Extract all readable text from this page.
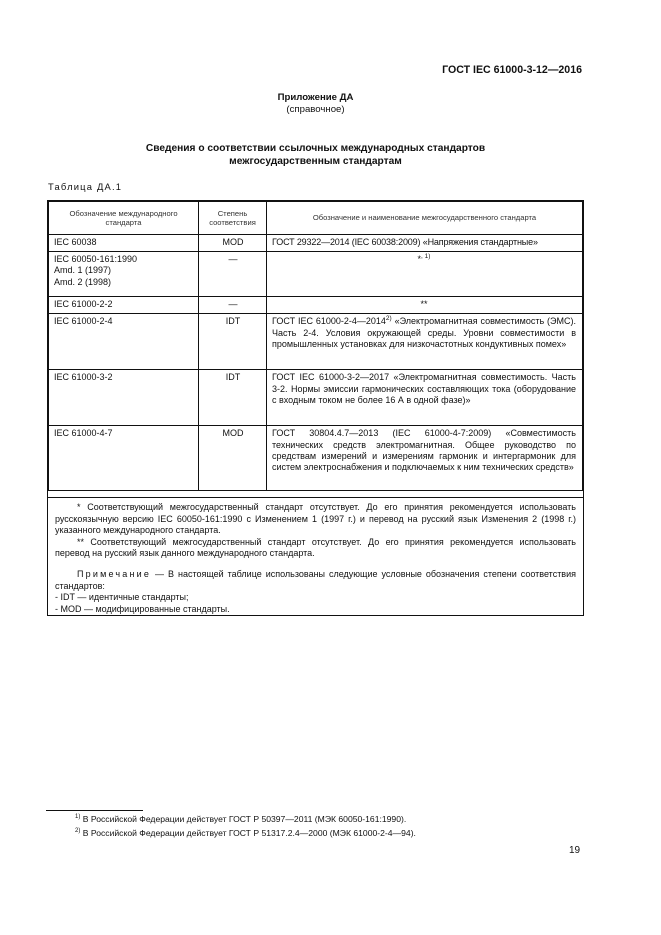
ГОСТ IEC 61000-3-12—2016
Приложение ДА
(справочное)
Сведения о соответствии ссылочных международных стандартов
межгосударственным стандартам
Таблица ДА.1
Обозначение международного стандарта	Степень соответствия	Обозначение и наименование межгосударственного стандарта
IEC 60038	MOD	ГОСТ 29322—2014 (IEC 60038:2009) «Напряжения стандартные»

IEC 60050-161:1990
Amd. 1 (1997)
Amd. 2 (1998)	—	*$^{, 1)}$
IEC 61000-2-2	—	**
IEC 61000-2-4	IDT	ГОСТ IEC 61000-2-4—2014$^{2)}$ «Электромагнитная совместимость (ЭМС). Часть 2-4. Условия окружающей среды. Уровни совместимости в промышленных установках для низкочастотных кондуктивных помех»
IEC 61000-3-2	IDT	ГОСТ IEC 61000-3-2—2017 «Электромагнитная совместимость. Часть 3-2. Нормы эмиссии гармонических составляющих тока (оборудование с входным током не более 16 А в одной фазе)»
IEC 61000-4-7	MOD	ГОСТ 30804.4.7—2013 (IEC 61000-4-7:2009) «Совместимость технических средств электромагнитная. Общее руководство по средствам измерений и измерениям гармоник и интергармоник для систем электроснабжения и подключаемых к ним технических средств»

* Соответствующий межгосударственный стандарт отсутствует. До его принятия рекомендуется использовать русскоязычную версию IEC 60050-161:1990 с Изменением 1 (1997 г.) и перевод на русский язык Изменения 2 (1998 г.) указанного международного стандарта.

** Соответствующий межгосударственный стандарт отсутствует. До его принятия рекомендуется использовать перевод на русский язык данного международного стандарта.

Примечание — В настоящей таблице использованы следующие условные обозначения степени соответствия стандартов:

- IDT — идентичные стандарты;

- MOD — модифицированные стандарты.

$^{1)}$ В Российской Федерации действует ГОСТ Р 50397—2011 (МЭК 60050-161:1990).
$^{2)}$ В Российской Федерации действует ГОСТ Р 51317.2.4—2000 (МЭК 61000-2-4—94).
19
